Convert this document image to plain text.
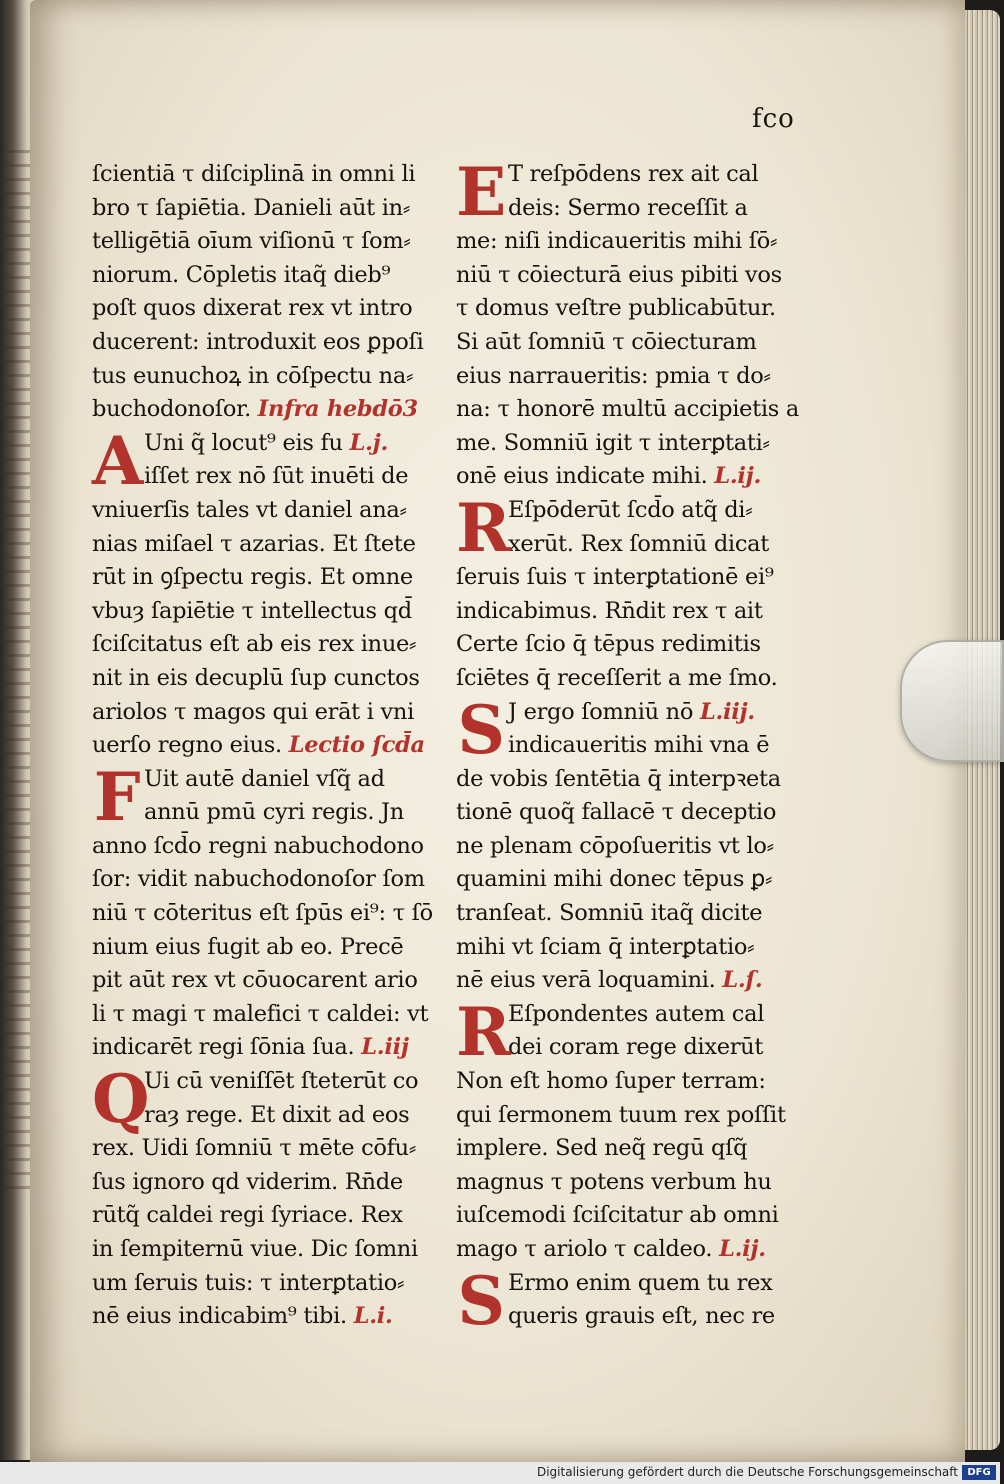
fco
ſcientiā τ diſciplinā in omni li
bro τ ſapiētia. Danieli aūt in⸗
telligētiā oīum viſionū τ ſom⸗
niorum. Cōpletis itaq̃ dieb⁹
poſt quos dixerat rex vt intro
ducerent: introduxit eos ꝑpoſi
tus eunuchoꝝ in cōſpectu na⸗
buchodonoſor. Infra hebdō3
A Uni q̃ locut⁹ eis fu L.j.
iſſet rex nō ſūt inuēti de
vniuerſis tales vt daniel ana⸗
nias miſael τ azarias. Et ſtete
rūt in ꝯſpectu regis. Et omne
vbuȝ ſapiētie τ intellectus qd̄
ſciſcitatus eſt ab eis rex inue⸗
nit in eis decuplū ſup cunctos
ariolos τ magos qui erāt i vni
uerſo regno eius. Lectio ſcd̄a
F Uit autē daniel vſq̃ ad
annū pmū cyri regis. Jn
anno ſcd̄o regni nabuchodono
ſor: vidit nabuchodonoſor ſom
niū τ cōteritus eſt ſpūs ei⁹: τ ſō
nium eius fugit ab eo. Precē
pit aūt rex vt cōuocarent ario
li τ magi τ malefici τ caldei: vt
indicarēt regi ſōnia ſua. L.iij
Q
Ui cū veniſſēt ſteterūt co
raȝ rege. Et dixit ad eos
rex. Uidi ſomniū τ mēte cōfu⸗
ſus ignoro qd viderim. Rn̄de
rūtq̃ caldei regi ſyriace. Rex
in ſempiternū viue. Dic ſomni
um ſeruis tuis: τ interꝑtatio⸗
nē eius indicabim⁹ tibi. L.i.
E T reſpōdens rex ait cal
deis: Sermo receſſit a
me: niſi indicaueritis mihi ſō⸗
niū τ cōiecturā eius pibiti vos
τ domus veſtre publicabūtur.
Si aūt ſomniū τ cōiecturam
eius narraueritis: pmia τ do⸗
na: τ honorē multū accipietis a
me. Somniū igit τ interꝑtati⸗
onē eius indicate mihi. L.ij.
R
Eſpōderūt ſcd̄o atq̃ di⸗
xerūt. Rex ſomniū dicat
ſeruis ſuis τ interꝑtationē ei⁹
indicabimus. Rn̄dit rex τ ait
Certe ſcio q̄ tēpus redimitis
ſciētes q̄ receſſerit a me ſmo.
S J ergo ſomniū nō L.iij.
indicaueritis mihi vna ē
de vobis ſentētia q̄ interpꝛeta
tionē quoq̃ fallacē τ deceptio
ne plenam cōpoſueritis vt lo⸗
quamini mihi donec tēpus ꝑ⸗
tranſeat. Somniū itaq̃ dicite
mihi vt ſciam q̄ interꝑtatio⸗
nē eius verā loquamini. L.ſ.
R
Eſpondentes autem cal
dei coram rege dixerūt
Non eſt homo ſuper terram:
qui ſermonem tuum rex poſſit
implere. Sed neq̃ regū qſq̃
magnus τ potens verbum hu
iuſcemodi ſciſcitatur ab omni
mago τ ariolo τ caldeo. L.ij.
S Ermo enim quem tu rex
queris grauis eſt, nec re
Digitalisierung gefördert durch die Deutsche Forschungsgemeinschaft DFG
